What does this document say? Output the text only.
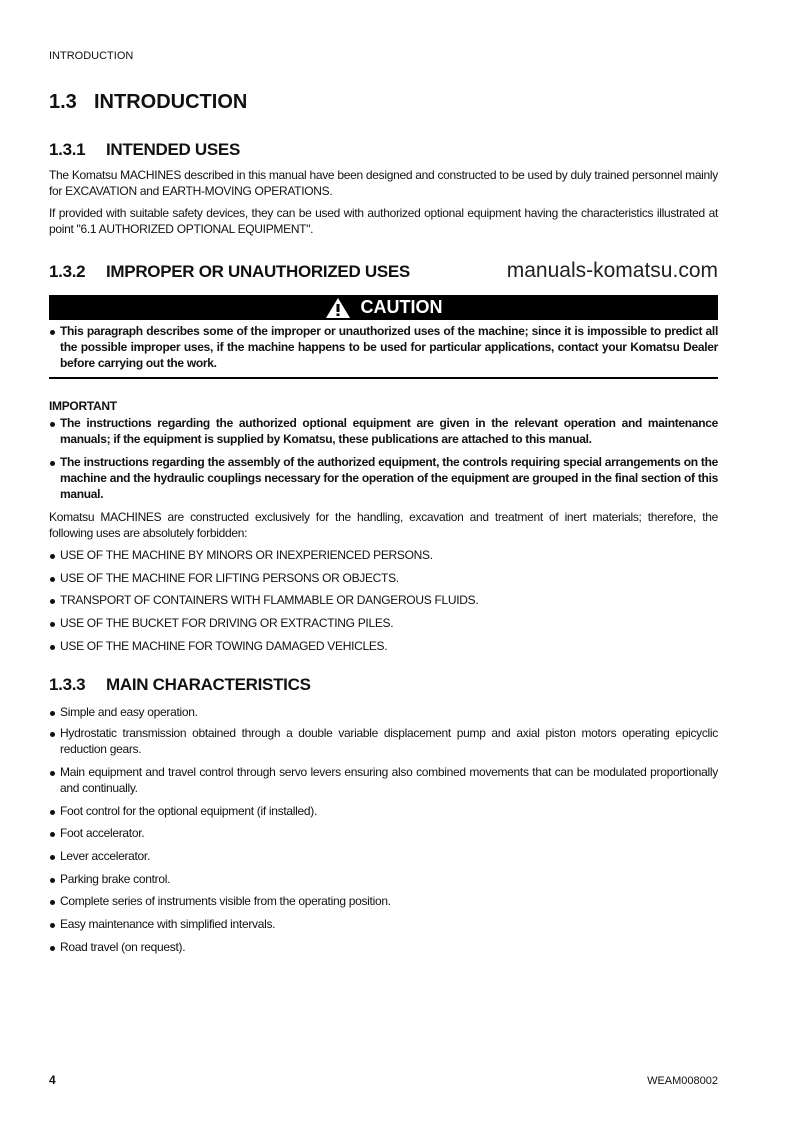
INTRODUCTION
1.3 INTRODUCTION
1.3.1 INTENDED USES
The Komatsu MACHINES described in this manual have been designed and constructed to be used by duly trained personnel mainly for EXCAVATION and EARTH-MOVING OPERATIONS.
If provided with suitable safety devices, they can be used with authorized optional equipment having the characteristics illustrated at point "6.1 AUTHORIZED OPTIONAL EQUIPMENT".
1.3.2 IMPROPER OR UNAUTHORIZED USES	manuals-komatsu.com
CAUTION
This paragraph describes some of the improper or unauthorized uses of the machine; since it is impossible to predict all the possible improper uses, if the machine happens to be used for particular applications, contact your Komatsu Dealer before carrying out the work.
IMPORTANT
The instructions regarding the authorized optional equipment are given in the relevant operation and maintenance manuals; if the equipment is supplied by Komatsu, these publications are attached to this manual.
The instructions regarding the assembly of the authorized equipment, the controls requiring special arrangements on the machine and the hydraulic couplings necessary for the operation of the equipment are grouped in the final section of this manual.
Komatsu MACHINES are constructed exclusively for the handling, excavation and treatment of inert materials; therefore, the following uses are absolutely forbidden:
USE OF THE MACHINE BY MINORS OR INEXPERIENCED PERSONS.
USE OF THE MACHINE FOR LIFTING PERSONS OR OBJECTS.
TRANSPORT OF CONTAINERS WITH FLAMMABLE OR DANGEROUS FLUIDS.
USE OF THE BUCKET FOR DRIVING OR EXTRACTING PILES.
USE OF THE MACHINE FOR TOWING DAMAGED VEHICLES.
1.3.3 MAIN CHARACTERISTICS
Simple and easy operation.
Hydrostatic transmission obtained through a double variable displacement pump and axial piston motors operating epicyclic reduction gears.
Main equipment and travel control through servo levers ensuring also combined movements that can be modulated proportionally and continually.
Foot control for the optional equipment (if installed).
Foot accelerator.
Lever accelerator.
Parking brake control.
Complete series of instruments visible from the operating position.
Easy maintenance with simplified intervals.
Road travel (on request).
4	WEAM008002
